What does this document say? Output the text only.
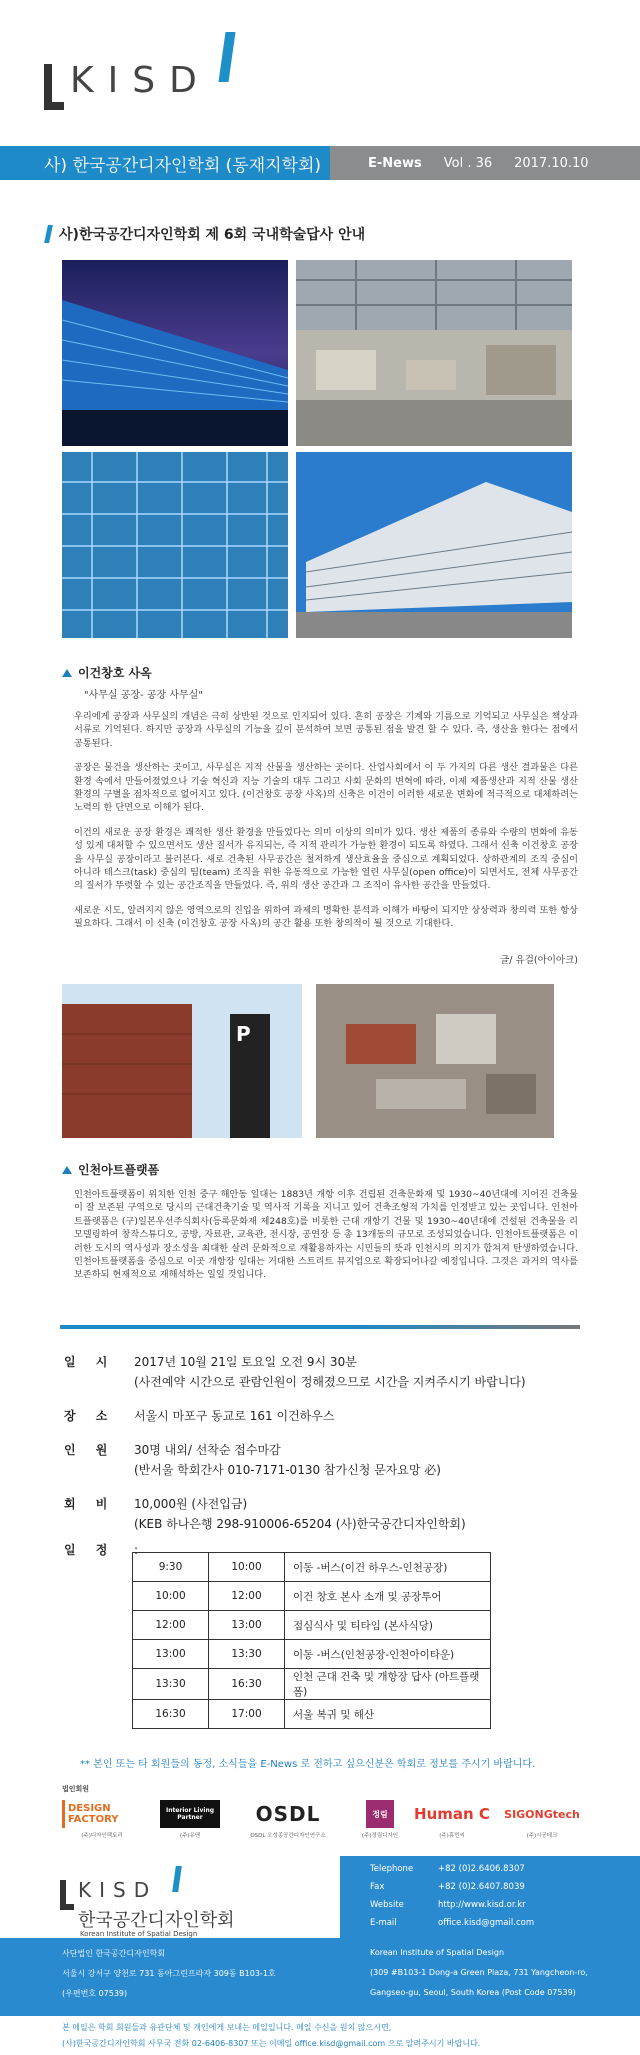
KISD
사) 한국공간디자인학회 (동재지학회)	E-News Vol . 36 2017.10.10
사)한국공간디자인학회 제 6회 국내학술답사 안내
이건창호 사옥
"사무실 공장- 공장 사무실"

우리에게 공장과 사무실의 개념은 극히 상반된 것으로 인지되어 있다. 흔히 공장은 기계와 기름으로 기억되고 사무실은 책상과 서류로 기억된다. 하지만 공장과 사무실의 기능을 깊이 분석하여 보면 공통된 점을 발견 할 수 있다. 즉, 생산을 한다는 점에서 공통된다.

공장은 물건을 생산하는 곳이고, 사무실은 지적 산물을 생산하는 곳이다. 산업사회에서 이 두 가지의 다른 생산 결과물은 다른 환경 속에서 만들어졌었으나 기술 혁신과 지능 기술의 대두 그리고 사회 문화의 변혁에 따라, 이제 제품생산과 지적 산물 생산 환경의 구별을 점차적으로 없어지고 있다. (이건창호 공장 사옥)의 신축은 이건이 이러한 새로운 변화에 적극적으로 대체하려는 노력의 한 단면으로 이해가 된다.

이건의 새로운 공장 환경은 쾌적한 생산 환경을 만들었다는 의미 이상의 의미가 있다. 생산 제품의 종류와 수량의 변화에 유동성 있게 대처할 수 있으면서도 생산 질서가 유지되는, 즉 지적 관리가 가능한 환경이 되도록 하였다. 그래서 신축 이건창호 공장을 사무실 공장이라고 불러본다. 새로 건축된 사무공간은 철저하게 생산효율을 중심으로 계획되었다. 상하관계의 조직 중심이 아니라 테스크(task) 중심의 팀(team) 조직을 위한 유동적으로 가능한 열린 사무실(open office)이 되면서도, 전체 사무공간의 질서가 뚜렷할 수 있는 공간조직을 만들었다. 즉, 위의 생산 공간과 그 조직이 유사한 공간을 만들었다.

새로운 시도, 알려지지 않은 영역으로의 진입을 위하여 과제의 명확한 분석과 이해가 바탕이 되지만 상상력과 창의력 또한 항상 필요하다. 그래서 이 신축 (이건창호 공장 사옥)의 공간 활용 또한 창의적이 될 것으로 기대한다.

글/ 유걸(아이아크)
P
인천아트플랫폼

인천아트플랫폼이 위치한 인천 중구 해안동 일대는 1883년 개항 이후 건립된 건축문화재 및 1930~40년대에 지어진 건축물이 잘 보존된 구역으로 당시의 근대건축기술 및 역사적 기록을 지니고 있어 건축조형적 가치를 인정받고 있는 곳입니다. 인천아트플랫폼은 (구)일본우선주식회사(등록문화재 제248호)를 비롯한 근대 개항기 건물 및 1930~40년대에 건설된 건축물을 리모델링하여 창작스튜디오, 공방, 자료관, 교육관, 전시장, 공연장 등 총 13개동의 규모로 조성되었습니다. 인천아트플랫폼은 이러한 도시의 역사성과 장소성을 최대한 살려 문화적으로 재활용하자는 시민들의 뜻과 인천시의 의지가 합쳐져 탄생하였습니다. 인천아트플랫폼을 중심으로 이곳 개항장 일대는 거대한 스트리트 뮤지엄으로 확장되어나갈 예정입니다. 그것은 과거의 역사를 보존하되 현재적으로 재해석하는 일일 것입니다.

일 시 2017년 10월 21일 토요일 오전 9시 30분
(사전예약 시간으로 관람인원이 정해졌으므로 시간을 지켜주시기 바랍니다)
장 소 서울시 마포구 동교로 161 이건하우스
인 원 30명 내외/ 선착순 접수마감
(반서울 학회간사 010-7171-0130 참가신청 문자요망 必)
회 비 10,000원 (사전입금)
(KEB 하나은행 298-910006-65204 (사)한국공간디자인학회)
일 정 :
9:30	10:00	이동 -버스(이건 하우스-인천공장)
10:00	12:00	이건 창호 본사 소개 및 공장투어
12:00	13:00	점심식사 및 티타임 (본사식당)
13:00	13:30	이동 -버스(인천공장-인천아이타운)
13:30	16:30	인천 근대 건축 및 개항장 답사 (아트플랫폼)
16:30	17:00	서울 복귀 및 해산
** 본인 또는 타 회원들의 동정, 소식들을 E-News 로 전하고 싶으신분은 학회로 정보를 주시기 바랍니다.
법인회원
DESIGN FACTORY
(주)디자인팩토리
Interior Living Partner
(주)유앤
OSDL
OSDL 오성종공간디자인연구소
정림
(주)정림디자인
Human C
(주)휴먼씨
SIGONGtech
(주)시공테크
KISD
한국공간디자인학회
Korean Institute of Spatial Design
Telephone	+82 (0)2.6406.8307
Fax	+82 (0)2.6407.8039
Website	http://www.kisd.or.kr
E-mail	office.kisd@gmail.com
사단법인 한국공간디자인학회
서울시 강서구 양천로 731 동아그린프라자 309동 B103-1호
(우편번호 07539)
Korean Institute of Spatial Design
(309 #B103-1 Dong-a Green Plaza, 731 Yangcheon-ro,
Gangseo-gu, Seoul, South Korea (Post Code 07539)
본 메일은 학회 회원들과 유관단체 및 개인에게 보내는 메일입니다. 메일 수신을 원치 않으시면,
(사)한국공간디자인학회 사무국 전화 02-6406-8307 또는 이메일 office.kisd@gmail.com 으로 알려주시기 바랍니다.
